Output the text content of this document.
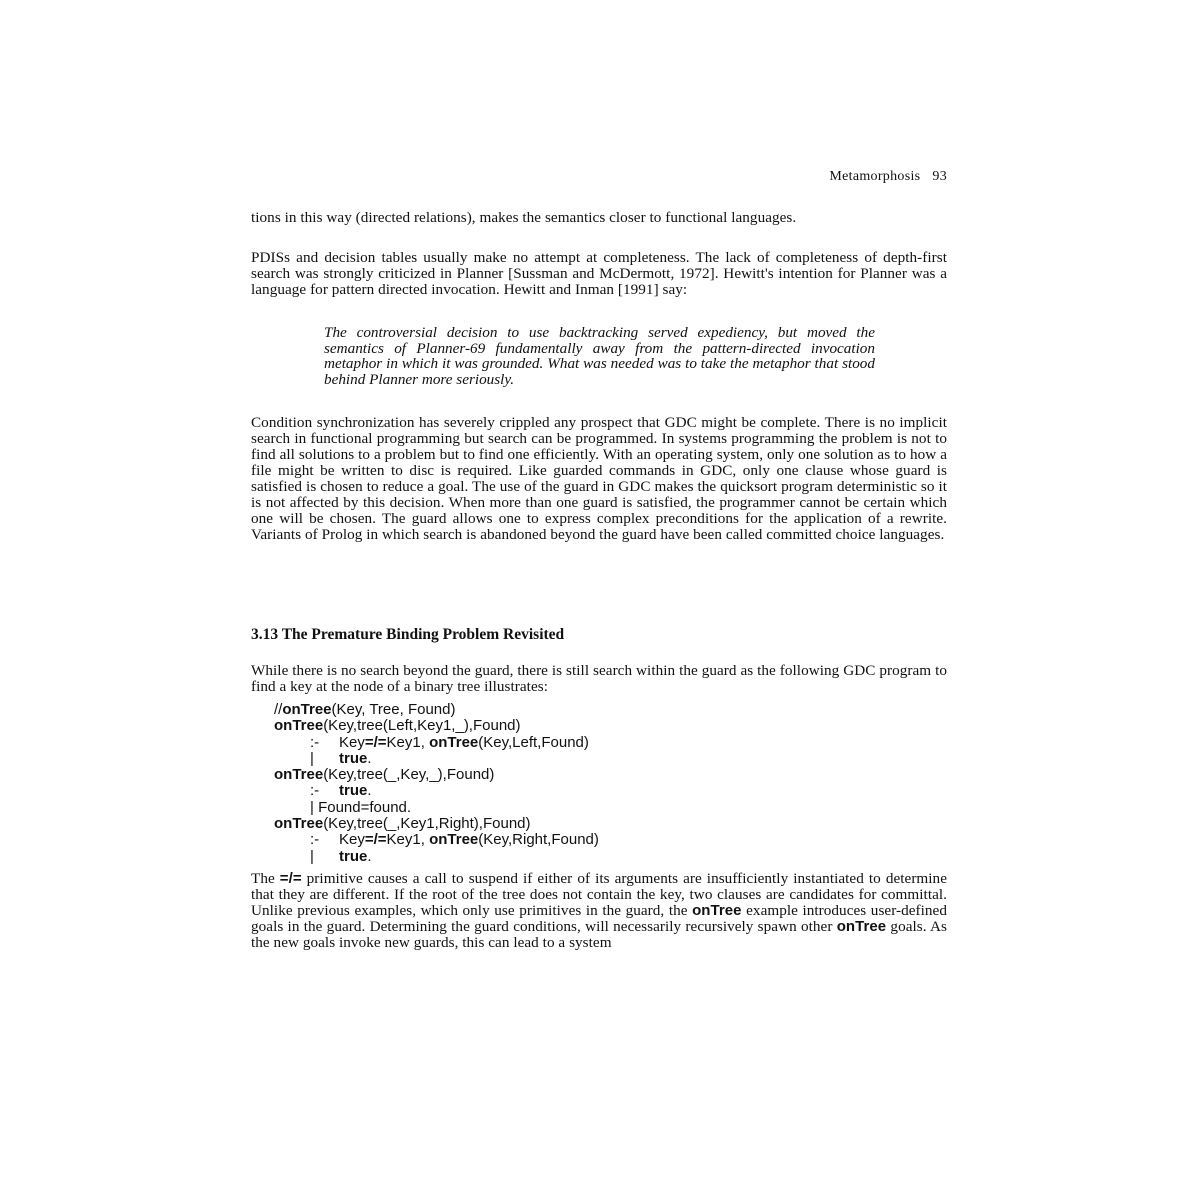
Metamorphosis 93

tions in this way (directed relations), makes the semantics closer to functional languages.

PDISs and decision tables usually make no attempt at completeness. The lack of completeness of depth-first search was strongly criticized in Planner [Sussman and McDermott, 1972]. Hewitt's intention for Planner was a language for pattern directed invocation. Hewitt and Inman [1991] say:

The controversial decision to use backtracking served expediency, but moved the semantics of Planner-69 fundamentally away from the pattern-directed invocation metaphor in which it was grounded. What was needed was to take the metaphor that stood behind Planner more seriously.

Condition synchronization has severely crippled any prospect that GDC might be complete. There is no implicit search in functional programming but search can be programmed. In systems programming the problem is not to find all solutions to a problem but to find one efficiently. With an operating system, only one solution as to how a file might be written to disc is required. Like guarded commands in GDC, only one clause whose guard is satisfied is chosen to reduce a goal. The use of the guard in GDC makes the quicksort program deterministic so it is not affected by this decision. When more than one guard is satisfied, the programmer cannot be certain which one will be chosen. The guard allows one to express complex preconditions for the application of a rewrite. Variants of Prolog in which search is abandoned beyond the guard have been called committed choice languages.

3.13 The Premature Binding Problem Revisited

While there is no search beyond the guard, there is still search within the guard as the following GDC program to find a key at the node of a binary tree illustrates:

//onTree(Key, Tree, Found)
onTree(Key,tree(Left,Key1,_),Found)
:- Key=/=Key1, onTree(Key,Left,Found)
| true.
onTree(Key,tree(_,Key,_),Found)
:- true.
| Found=found.
onTree(Key,tree(_,Key1,Right),Found)
:- Key=/=Key1, onTree(Key,Right,Found)
| true.

The =/= primitive causes a call to suspend if either of its arguments are insufficiently instantiated to determine that they are different. If the root of the tree does not contain the key, two clauses are candidates for committal. Unlike previous examples, which only use primitives in the guard, the onTree example introduces user-defined goals in the guard. Determining the guard conditions, will necessarily recursively spawn other onTree goals. As the new goals invoke new guards, this can lead to a system
